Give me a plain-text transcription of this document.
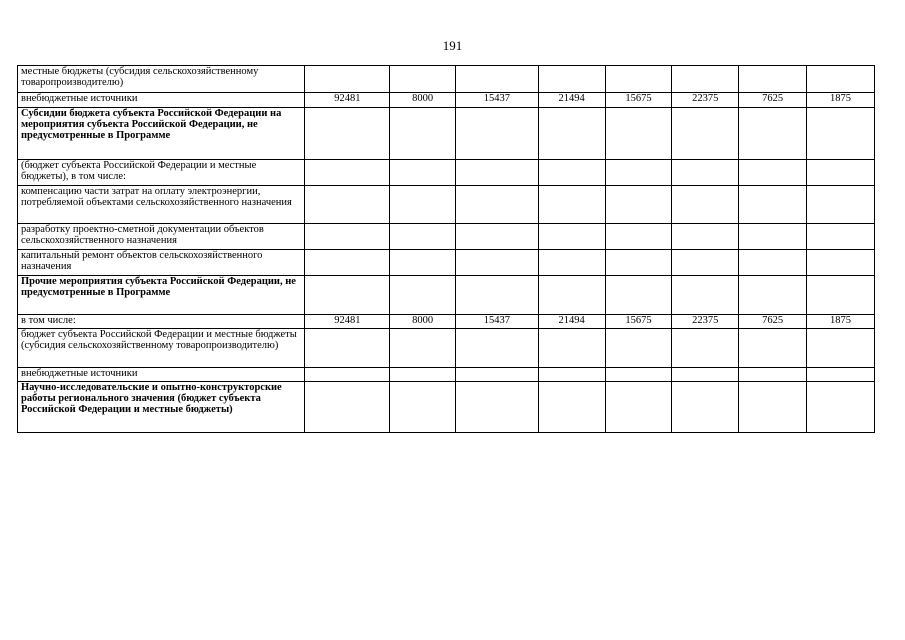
191
местные бюджеты (субсидия сельскохозяйственному товаропроизводителю)								
внебюджетные источники	92481	8000	15437	21494	15675	22375	7625	1875
Субсидии бюджета субъекта Российской Федерации на мероприятия субъекта Российской Федерации, не предусмотренные в Программе								
(бюджет субъекта Российской Федерации и местные бюджеты), в том числе:								
компенсацию части затрат на оплату электроэнергии, потребляемой объектами сельскохозяйственного назначения								
разработку проектно-сметной документации объектов сельскохозяйственного назначения								
капитальный ремонт объектов сельскохозяйственного назначения								
Прочие мероприятия субъекта Российской Федерации, не предусмотренные в Программе								
в том числе:	92481	8000	15437	21494	15675	22375	7625	1875
бюджет субъекта Российской Федерации и местные бюджеты (субсидия сельскохозяйственному товаропроизводителю)								
внебюджетные источники								
Научно-исследовательские и опытно-конструкторские работы регионального значения (бюджет субъекта Российской Федерации и местные бюджеты)								
